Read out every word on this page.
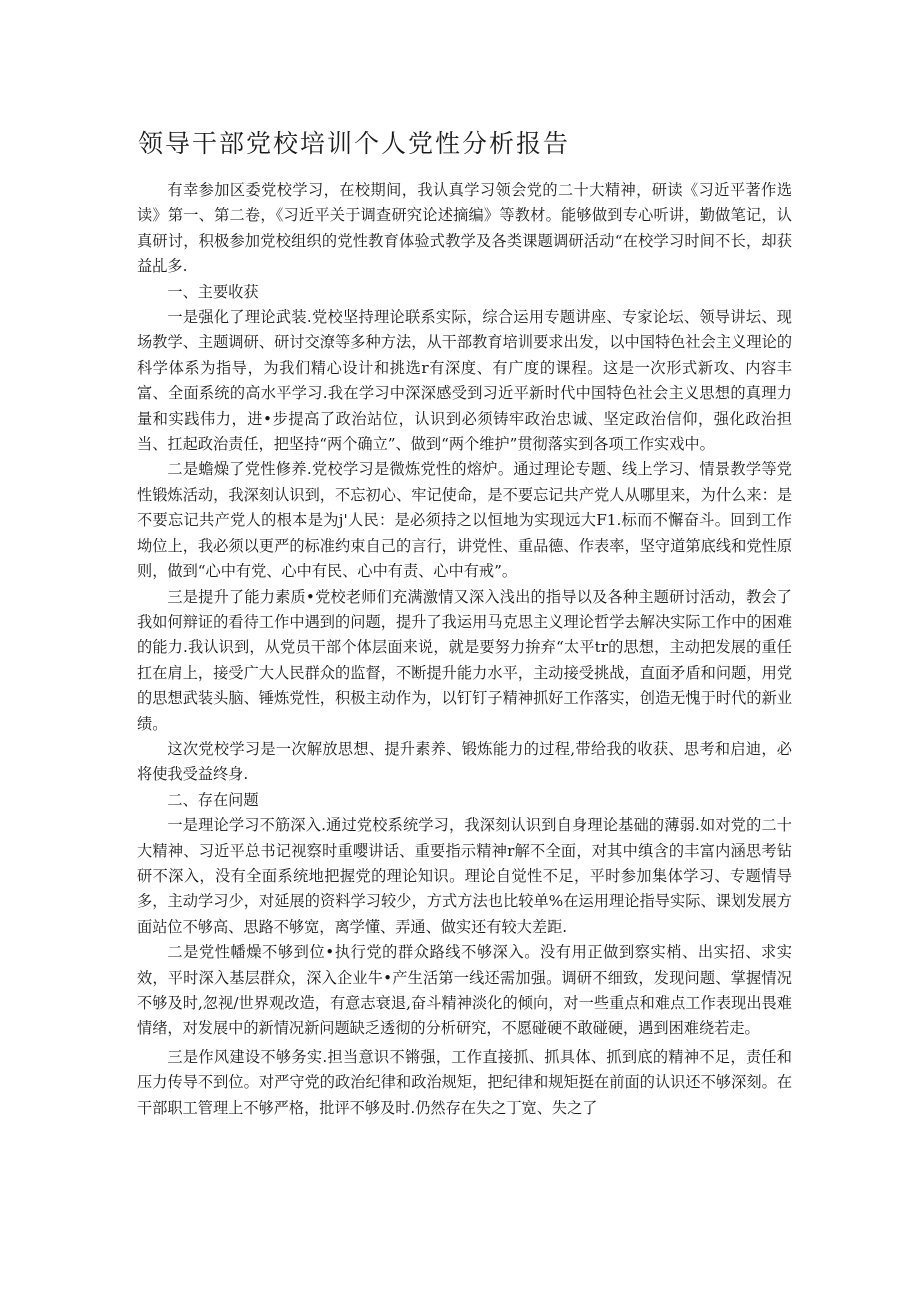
领导干部党校培训个人党性分析报告

有幸参加区委党校学习，在校期间，我认真学习领会党的二十大精神，研读《习近平著作选读》第一、第二卷，《习近平关于调查研究论述摘编》等教材。能够做到专心听讲，勤做笔记，认真研讨，积极参加党校组织的党性教育体验式教学及各类课题调研活动“在校学习时间不长，却获益乩多.

一、主要收获

一是强化了理论武装.党校坚持理论联系实际，综合运用专题讲座、专家论坛、领导讲坛、现场教学、主题调研、研讨交潦等多种方法，从干部教育培训要求出发，以中国特色社会主义理论的科学体系为指导，为我们精心设计和挑选r有深度、有广度的课程。这是一次形式新攻、内容丰富、全面系统的高水平学习.我在学习中深深感受到习近平新时代中国特色社会主义思想的真理力量和实践伟力，进•步提高了政治站位，认识到必须铸牢政治忠诚、坚定政治信仰，强化政治担当、扛起政治责任，把坚持“两个确立”、做到“两个维护”贯彻落实到各项工作实戏中。

二是蟾燥了党性修养.党校学习是微炼党性的熔炉。通过理论专题、线上学习、情景教学等党性锻炼活动，我深刻认识到，不忘初心、牢记使命，是不要忘记共产党人从哪里来，为什么来：是不要忘记共产党人的根本是为j'人民：是必须持之以恒地为实现远大F1.标而不懈奋斗。回到工作坳位上，我必须以更严的标准约束自己的言行，讲党性、重品德、作表率，坚守道第底线和党性原则，做到“心中有党、心中有民、心中有责、心中有戒”。

三是提升了能力素质•党校老师们充满激情又深入浅出的指导以及各种主题研讨活动，教会了我如何辩证的看待工作中遇到的问题，提升了我运用马克思主义理论哲学去解决实际工作中的困难的能力.我认识到，从党员干部个体层面来说，就是要努力拚弃“太平tr的思想，主动把发展的重任扛在肩上，接受广大人民群众的监督，不断提升能力水平，主动接受挑战，直面矛盾和问题，用党的思想武装头脑、锤炼党性，积极主动作为，以钉钉子精神抓好工作落实，创造无愧于时代的新业绩。

这次党校学习是一次解放思想、提升素养、锻炼能力的过程,带给我的收获、思考和启迪，必将使我受益终身.

二、存在问题

一是理论学习不筋深入.通过党校系统学习，我深刻认识到自身理论基础的薄弱.如对党的二十大精神、习近平总书记视察时重嘤讲话、重要指示精神r解不全面，对其中缜含的丰富内涵思考钻研不深入，没有全面系统地把握党的理论知识。理论自觉性不足，平时参加集体学习、专题情导多，主动学习少，对延展的资料学习较少，方式方法也比较单%在运用理论指导实际、课划发展方面站位不够高、思路不够宽，离学懂、弄通、做实还有较大差距.

二是党性幡燥不够到位•执行党的群众路线不够深入。没有用正做到察实梢、出实招、求实效，平时深入基层群众，深入企业牛•产生活第一线还需加强。调研不细致，发现问题、掌握情况不够及时,忽视/世界观改造，有意志衰退,奋斗精神淡化的倾向，对一些重点和难点工作表现出畏难情绪，对发展中的新情况新问题缺乏透彻的分析研究，不愿碰硬不敢碰硬，遇到困难绕若走。

三是作风建设不够务实.担当意识不锵强，工作直接抓、抓具体、抓到底的精神不足，责任和压力传导不到位。对严守党的政治纪律和政治规矩，把纪律和规矩挺在前面的认识还不够深刻。在干部职工管理上不够严格，批评不够及时.仍然存在失之丁宽、失之了
